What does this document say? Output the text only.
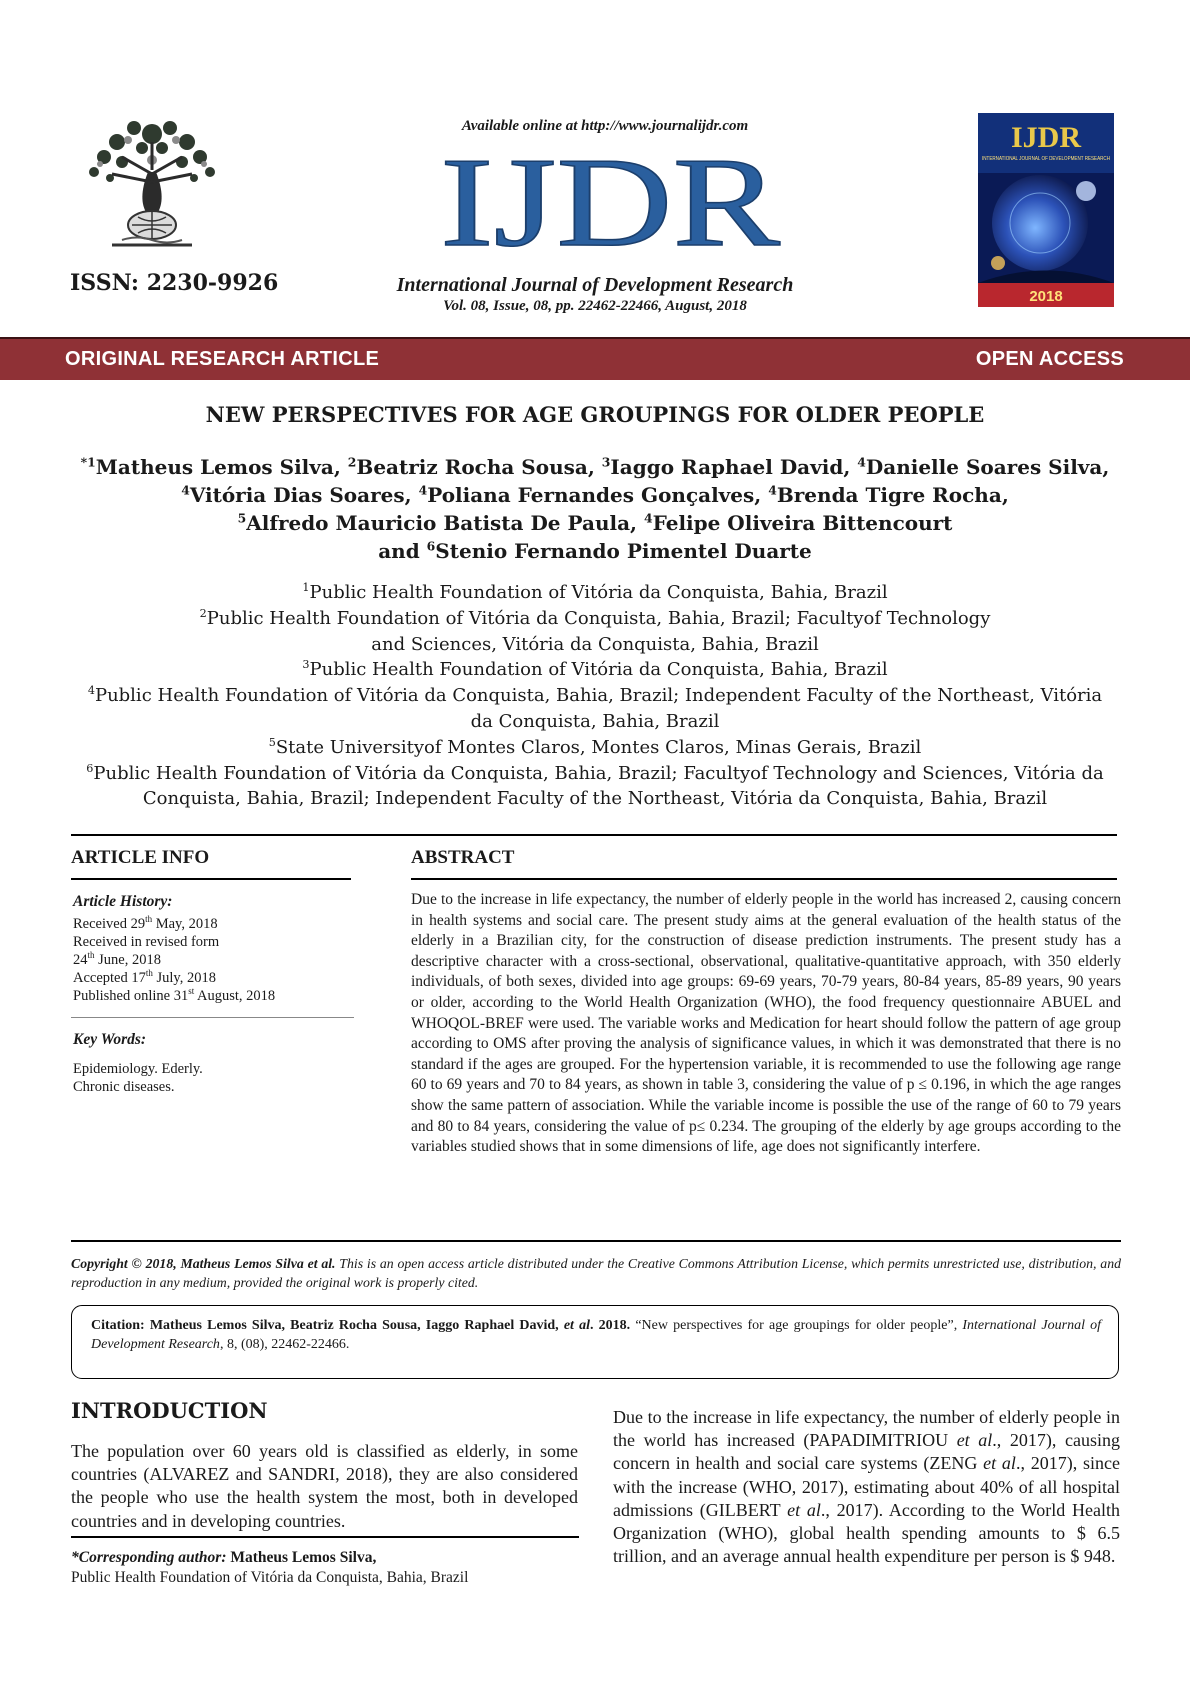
ISSN: 2230-9926
Available online at http://www.journalijdr.com
IJDR
International Journal of Development Research
Vol. 08, Issue, 08, pp. 22462-22466, August, 2018
IJDR
INTERNATIONAL JOURNAL OF DEVELOPMENT RESEARCH
2018
ORIGINAL RESEARCH ARTICLE	OPEN ACCESS
NEW PERSPECTIVES FOR AGE GROUPINGS FOR OLDER PEOPLE
$^{*1}$Matheus Lemos Silva, $^2$Beatriz Rocha Sousa, $^3$Iaggo Raphael David, $^4$Danielle Soares Silva,
$^4$Vitória Dias Soares, $^4$Poliana Fernandes Gonçalves, $^4$Brenda Tigre Rocha,
$^5$Alfredo Mauricio Batista De Paula, $^4$Felipe Oliveira Bittencourt
and $^6$Stenio Fernando Pimentel Duarte
$^1$Public Health Foundation of Vitória da Conquista, Bahia, Brazil
$^2$Public Health Foundation of Vitória da Conquista, Bahia, Brazil; Facultyof Technology and Sciences, Vitória da Conquista, Bahia, Brazil
$^3$Public Health Foundation of Vitória da Conquista, Bahia, Brazil
$^4$Public Health Foundation of Vitória da Conquista, Bahia, Brazil; Independent Faculty of the Northeast, Vitória da Conquista, Bahia, Brazil
$^5$State Universityof Montes Claros, Montes Claros, Minas Gerais, Brazil
$^6$Public Health Foundation of Vitória da Conquista, Bahia, Brazil; Facultyof Technology and Sciences, Vitória da Conquista, Bahia, Brazil; Independent Faculty of the Northeast, Vitória da Conquista, Bahia, Brazil
ARTICLE INFO	ABSTRACT
Article History:
Received 29th May, 2018
Received in revised form
24th June, 2018
Accepted 17th July, 2018
Published online 31st August, 2018
Key Words:
Epidemiology. Ederly.
Chronic diseases.
Due to the increase in life expectancy, the number of elderly people in the world has increased 2, causing concern in health systems and social care. The present study aims at the general evaluation of the health status of the elderly in a Brazilian city, for the construction of disease prediction instruments. The present study has a descriptive character with a cross-sectional, observational, qualitative-quantitative approach, with 350 elderly individuals, of both sexes, divided into age groups: 69-69 years, 70-79 years, 80-84 years, 85-89 years, 90 years or older, according to the World Health Organization (WHO), the food frequency questionnaire ABUEL and WHOQOL-BREF were used. The variable works and Medication for heart should follow the pattern of age group according to OMS after proving the analysis of significance values, in which it was demonstrated that there is no standard if the ages are grouped. For the hypertension variable, it is recommended to use the following age range 60 to 69 years and 70 to 84 years, as shown in table 3, considering the value of p ≤ 0.196, in which the age ranges show the same pattern of association. While the variable income is possible the use of the range of 60 to 79 years and 80 to 84 years, considering the value of p≤ 0.234. The grouping of the elderly by age groups according to the variables studied shows that in some dimensions of life, age does not significantly interfere.
Copyright © 2018, Matheus Lemos Silva et al. This is an open access article distributed under the Creative Commons Attribution License, which permits unrestricted use, distribution, and reproduction in any medium, provided the original work is properly cited.
Citation: Matheus Lemos Silva, Beatriz Rocha Sousa, Iaggo Raphael David, et al. 2018. “New perspectives for age groupings for older people”, International Journal of Development Research, 8, (08), 22462-22466.
INTRODUCTION
The population over 60 years old is classified as elderly, in some countries (ALVAREZ and SANDRI, 2018), they are also considered the people who use the health system the most, both in developed countries and in developing countries.
*Corresponding author: Matheus Lemos Silva,
Public Health Foundation of Vitória da Conquista, Bahia, Brazil
Due to the increase in life expectancy, the number of elderly people in the world has increased (PAPADIMITRIOU et al., 2017), causing concern in health and social care systems (ZENG et al., 2017), since with the increase (WHO, 2017), estimating about 40% of all hospital admissions (GILBERT et al., 2017). According to the World Health Organization (WHO), global health spending amounts to $ 6.5 trillion, and an average annual health expenditure per person is $ 948.
